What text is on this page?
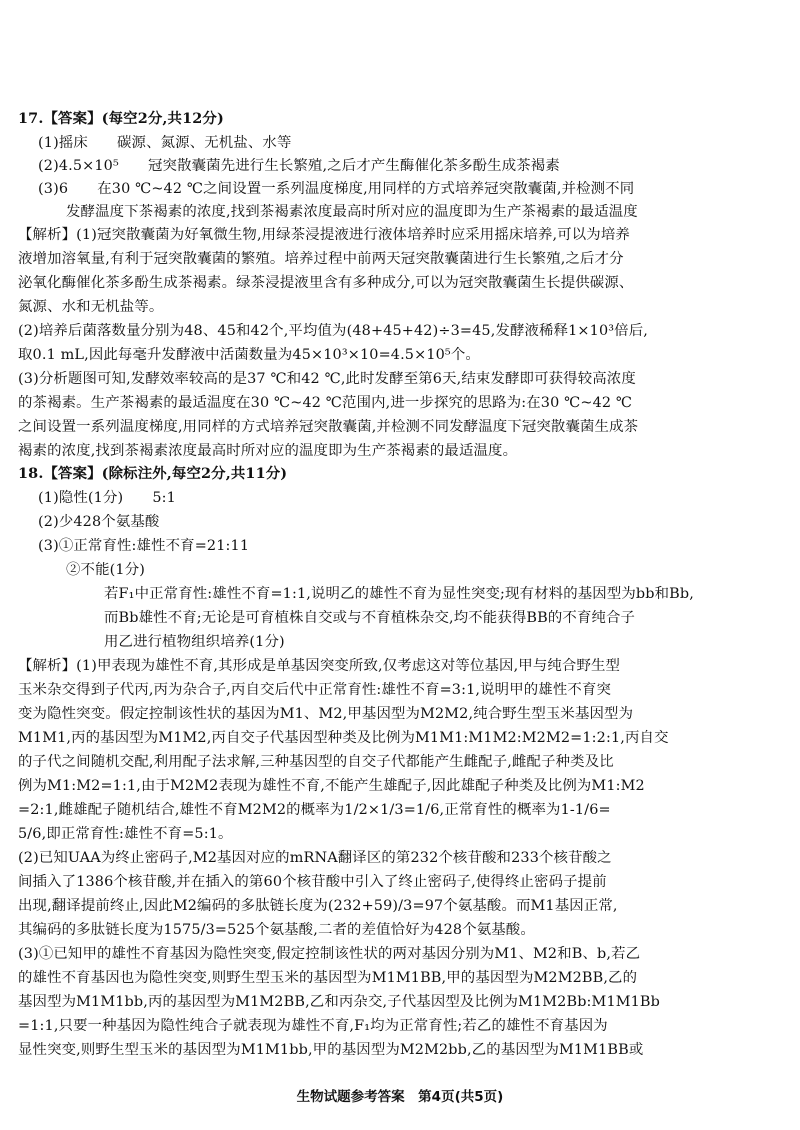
17.【答案】(每空2分,共12分)
(1)摇床　　碳源、氮源、无机盐、水等
(2)4.5×10⁵　　冠突散囊菌先进行生长繁殖,之后才产生酶催化茶多酚生成茶褐素
(3)6　　在30 ℃~42 ℃之间设置一系列温度梯度,用同样的方式培养冠突散囊菌,并检测不同
发酵温度下茶褐素的浓度,找到茶褐素浓度最高时所对应的温度即为生产茶褐素的最适温度
【解析】(1)冠突散囊菌为好氧微生物,用绿茶浸提液进行液体培养时应采用摇床培养,可以为培养
液增加溶氧量,有利于冠突散囊菌的繁殖。培养过程中前两天冠突散囊菌进行生长繁殖,之后才分
泌氧化酶催化茶多酚生成茶褐素。绿茶浸提液里含有多种成分,可以为冠突散囊菌生长提供碳源、
氮源、水和无机盐等。
(2)培养后菌落数量分别为48、45和42个,平均值为(48+45+42)÷3=45,发酵液稀释1×10³倍后,
取0.1 mL,因此每毫升发酵液中活菌数量为45×10³×10=4.5×10⁵个。
(3)分析题图可知,发酵效率较高的是37 ℃和42 ℃,此时发酵至第6天,结束发酵即可获得较高浓度
的茶褐素。生产茶褐素的最适温度在30 ℃~42 ℃范围内,进一步探究的思路为:在30 ℃~42 ℃
之间设置一系列温度梯度,用同样的方式培养冠突散囊菌,并检测不同发酵温度下冠突散囊菌生成茶
褐素的浓度,找到茶褐素浓度最高时所对应的温度即为生产茶褐素的最适温度。
18.【答案】(除标注外,每空2分,共11分)
(1)隐性(1分)　　5:1
(2)少428个氨基酸
(3)①正常育性:雄性不育=21:11
②不能(1分)
若F₁中正常育性:雄性不育=1:1,说明乙的雄性不育为显性突变;现有材料的基因型为bb和Bb,
而Bb雄性不育;无论是可育植株自交或与不育植株杂交,均不能获得BB的不育纯合子
用乙进行植物组织培养(1分)
【解析】(1)甲表现为雄性不育,其形成是单基因突变所致,仅考虑这对等位基因,甲与纯合野生型
玉米杂交得到子代丙,丙为杂合子,丙自交后代中正常育性:雄性不育=3:1,说明甲的雄性不育突
变为隐性突变。假定控制该性状的基因为M1、M2,甲基因型为M2M2,纯合野生型玉米基因型为
M1M1,丙的基因型为M1M2,丙自交子代基因型种类及比例为M1M1:M1M2:M2M2=1:2:1,丙自交
的子代之间随机交配,利用配子法求解,三种基因型的自交子代都能产生雌配子,雌配子种类及比
例为M1:M2=1:1,由于M2M2表现为雄性不育,不能产生雄配子,因此雄配子种类及比例为M1:M2
=2:1,雌雄配子随机结合,雄性不育M2M2的概率为1/2×1/3=1/6,正常育性的概率为1-1/6=
5/6,即正常育性:雄性不育=5:1。
(2)已知UAA为终止密码子,M2基因对应的mRNA翻译区的第232个核苷酸和233个核苷酸之
间插入了1386个核苷酸,并在插入的第60个核苷酸中引入了终止密码子,使得终止密码子提前
出现,翻译提前终止,因此M2编码的多肽链长度为(232+59)/3=97个氨基酸。而M1基因正常,
其编码的多肽链长度为1575/3=525个氨基酸,二者的差值恰好为428个氨基酸。
(3)①已知甲的雄性不育基因为隐性突变,假定控制该性状的两对基因分别为M1、M2和B、b,若乙
的雄性不育基因也为隐性突变,则野生型玉米的基因型为M1M1BB,甲的基因型为M2M2BB,乙的
基因型为M1M1bb,丙的基因型为M1M2BB,乙和丙杂交,子代基因型及比例为M1M2Bb:M1M1Bb
=1:1,只要一种基因为隐性纯合子就表现为雄性不育,F₁均为正常育性;若乙的雄性不育基因为
显性突变,则野生型玉米的基因型为M1M1bb,甲的基因型为M2M2bb,乙的基因型为M1M1BB或
生物试题参考答案　第4页(共5页)
